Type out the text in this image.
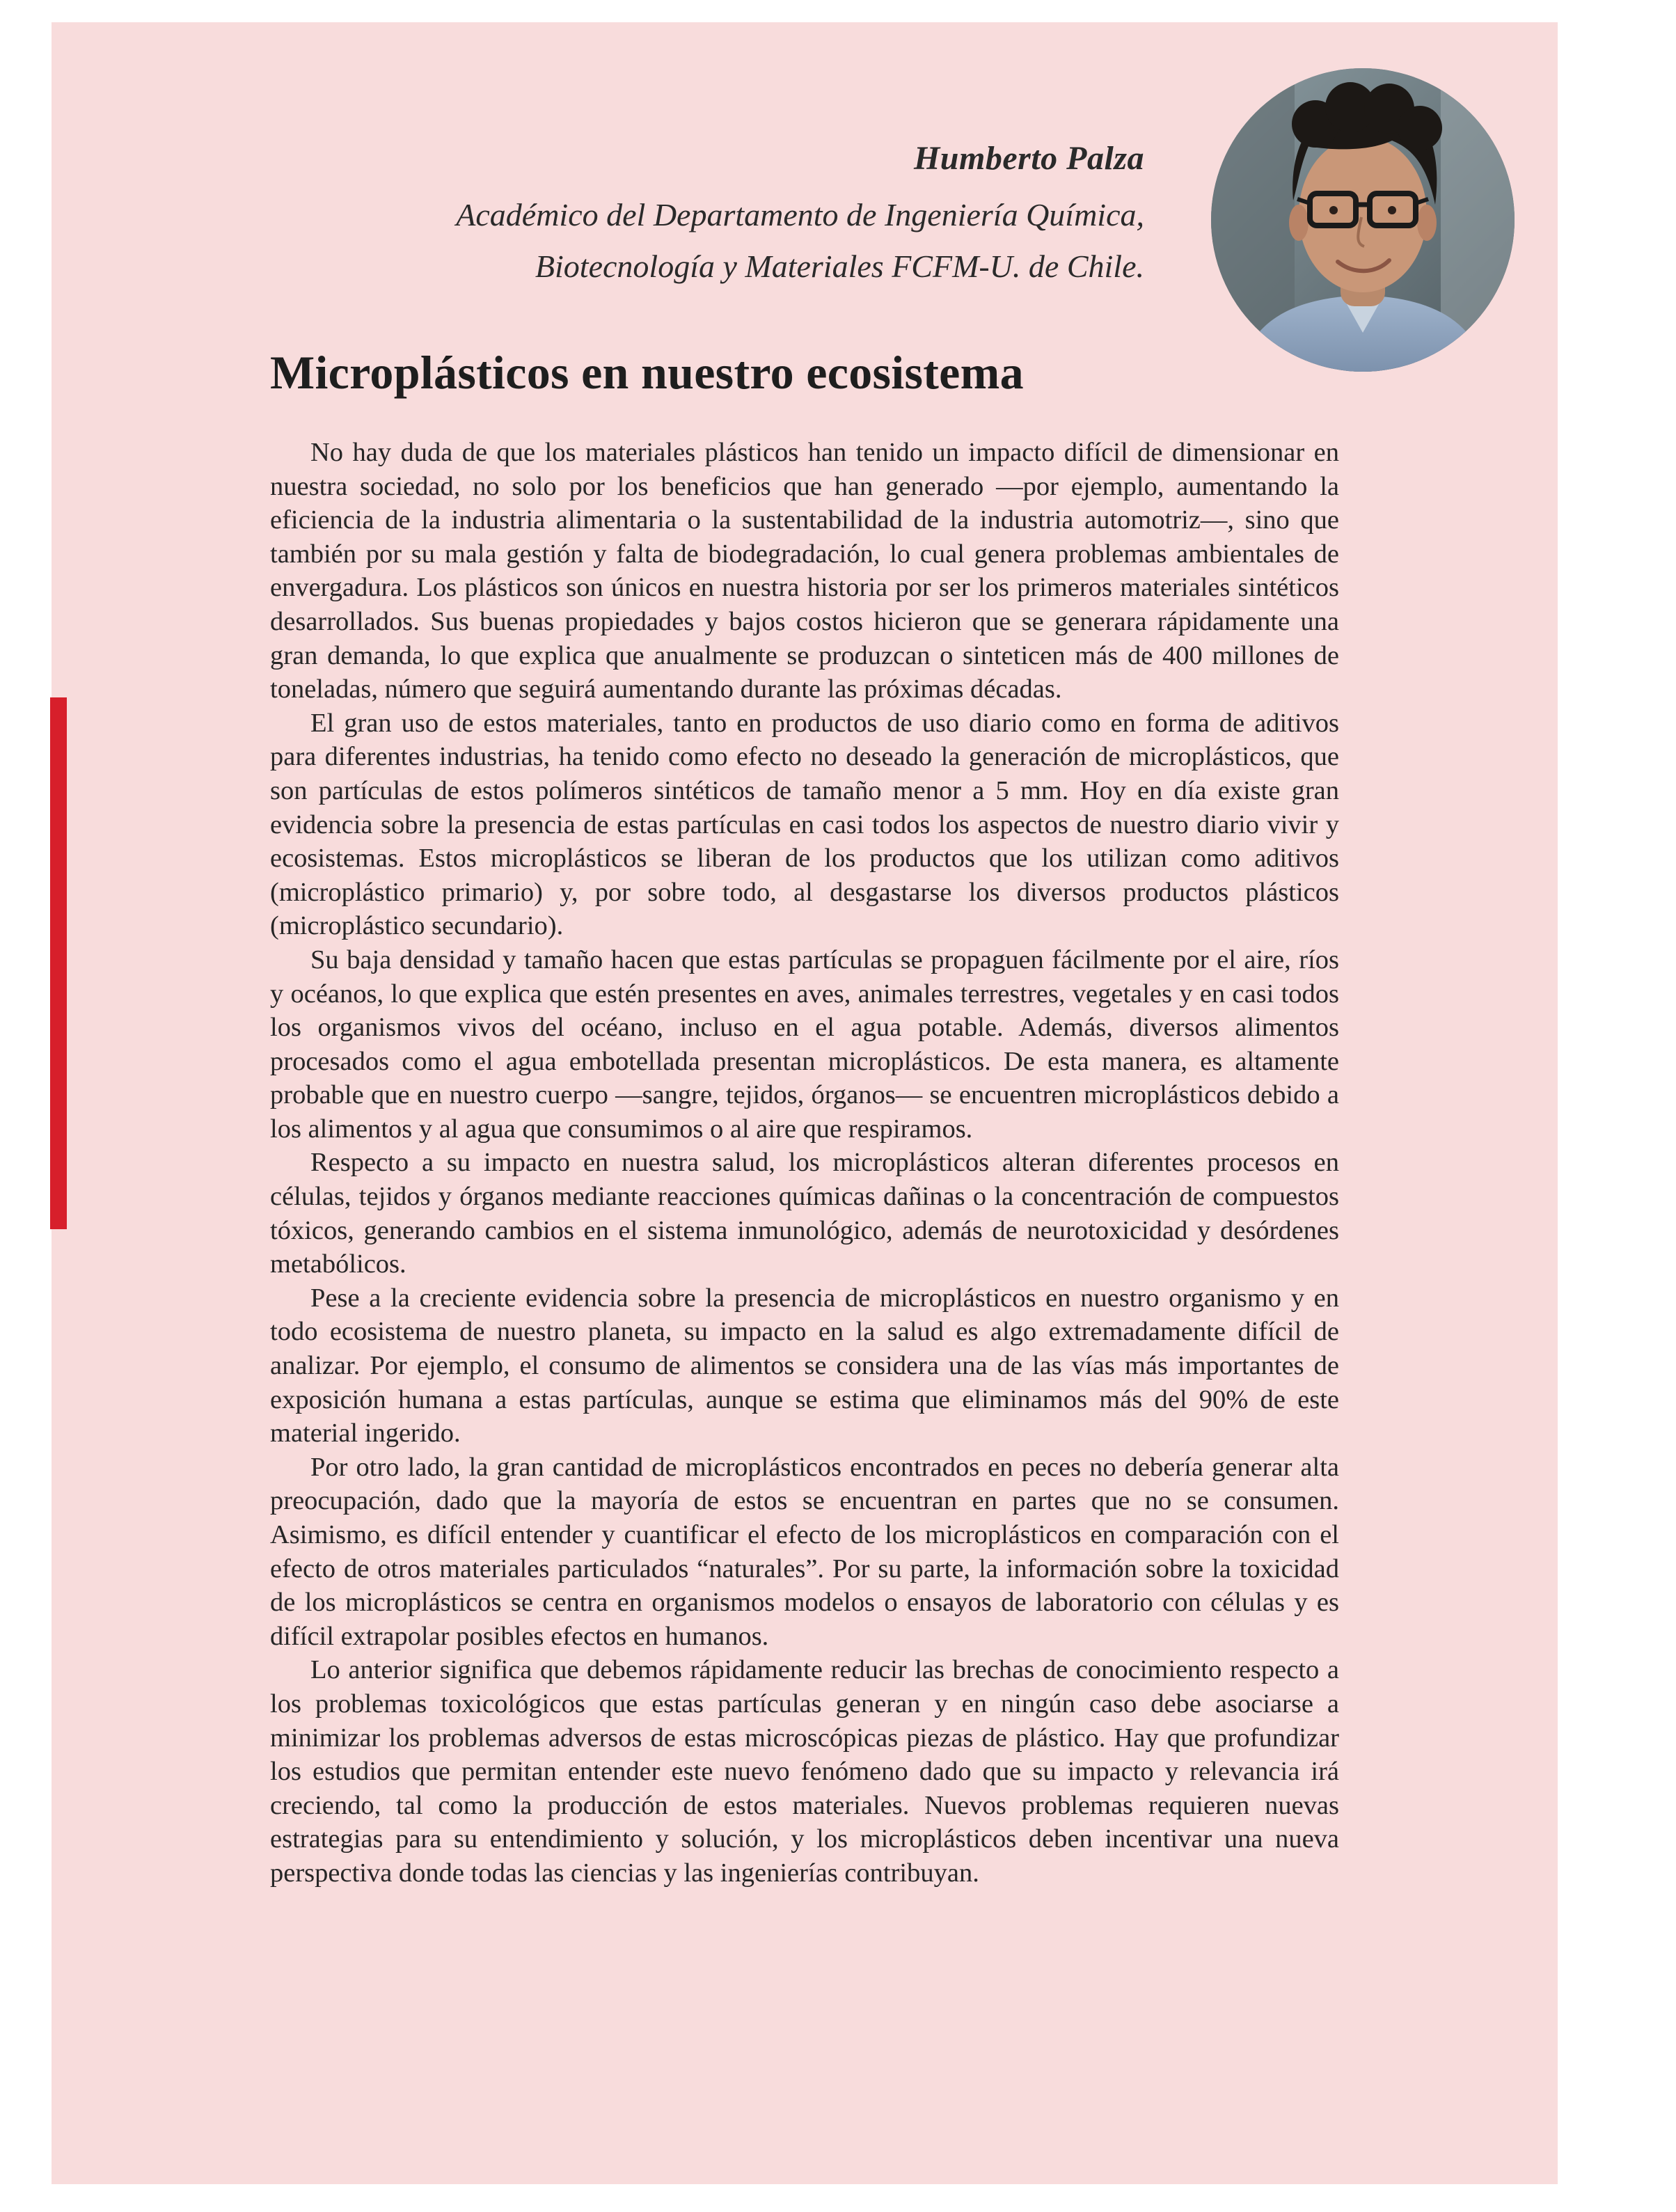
Humberto Palza
Académico del Departamento de Ingeniería Química,
Biotecnología y Materiales FCFM-U. de Chile.
Microplásticos en nuestro ecosistema

No hay duda de que los materiales plásticos han tenido un impacto difícil de dimensionar en nuestra sociedad, no solo por los beneficios que han generado —por ejemplo, aumentando la eficiencia de la industria alimentaria o la sustentabilidad de la industria automotriz—, sino que también por su mala gestión y falta de biodegradación, lo cual genera problemas ambientales de envergadura. Los plásticos son únicos en nuestra historia por ser los primeros materiales sintéticos desarrollados. Sus buenas propiedades y bajos costos hicieron que se generara rápidamente una gran demanda, lo que explica que anualmente se produzcan o sinteticen más de 400 millones de toneladas, número que seguirá aumentando durante las próximas décadas.

El gran uso de estos materiales, tanto en productos de uso diario como en forma de aditivos para diferentes industrias, ha tenido como efecto no deseado la generación de microplásticos, que son partículas de estos polímeros sintéticos de tamaño menor a 5 mm. Hoy en día existe gran evidencia sobre la presencia de estas partículas en casi todos los aspectos de nuestro diario vivir y ecosistemas. Estos microplásticos se liberan de los productos que los utilizan como aditivos (microplástico primario) y, por sobre todo, al desgastarse los diversos productos plásticos (microplástico secundario).

Su baja densidad y tamaño hacen que estas partículas se propaguen fácilmente por el aire, ríos y océanos, lo que explica que estén presentes en aves, animales terrestres, vegetales y en casi todos los organismos vivos del océano, incluso en el agua potable. Además, diversos alimentos procesados como el agua embotellada presentan microplásticos. De esta manera, es altamente probable que en nuestro cuerpo —sangre, tejidos, órganos— se encuentren microplásticos debido a los alimentos y al agua que consumimos o al aire que respiramos.

Respecto a su impacto en nuestra salud, los microplásticos alteran diferentes procesos en células, tejidos y órganos mediante reacciones químicas dañinas o la concentración de compuestos tóxicos, generando cambios en el sistema inmunológico, además de neurotoxicidad y desórdenes metabólicos.

Pese a la creciente evidencia sobre la presencia de microplásticos en nuestro organismo y en todo ecosistema de nuestro planeta, su impacto en la salud es algo extremadamente difícil de analizar. Por ejemplo, el consumo de alimentos se considera una de las vías más importantes de exposición humana a estas partículas, aunque se estima que eliminamos más del 90% de este material ingerido.

Por otro lado, la gran cantidad de microplásticos encontrados en peces no debería generar alta preocupación, dado que la mayoría de estos se encuentran en partes que no se consumen. Asimismo, es difícil entender y cuantificar el efecto de los microplásticos en comparación con el efecto de otros materiales particulados “naturales”. Por su parte, la información sobre la toxicidad de los microplásticos se centra en organismos modelos o ensayos de laboratorio con células y es difícil extrapolar posibles efectos en humanos.

Lo anterior significa que debemos rápidamente reducir las brechas de conocimiento respecto a los problemas toxicológicos que estas partículas generan y en ningún caso debe asociarse a minimizar los problemas adversos de estas microscópicas piezas de plástico. Hay que profundizar los estudios que permitan entender este nuevo fenómeno dado que su impacto y relevancia irá creciendo, tal como la producción de estos materiales. Nuevos problemas requieren nuevas estrategias para su entendimiento y solución, y los microplásticos deben incentivar una nueva perspectiva donde todas las ciencias y las ingenierías contribuyan.
